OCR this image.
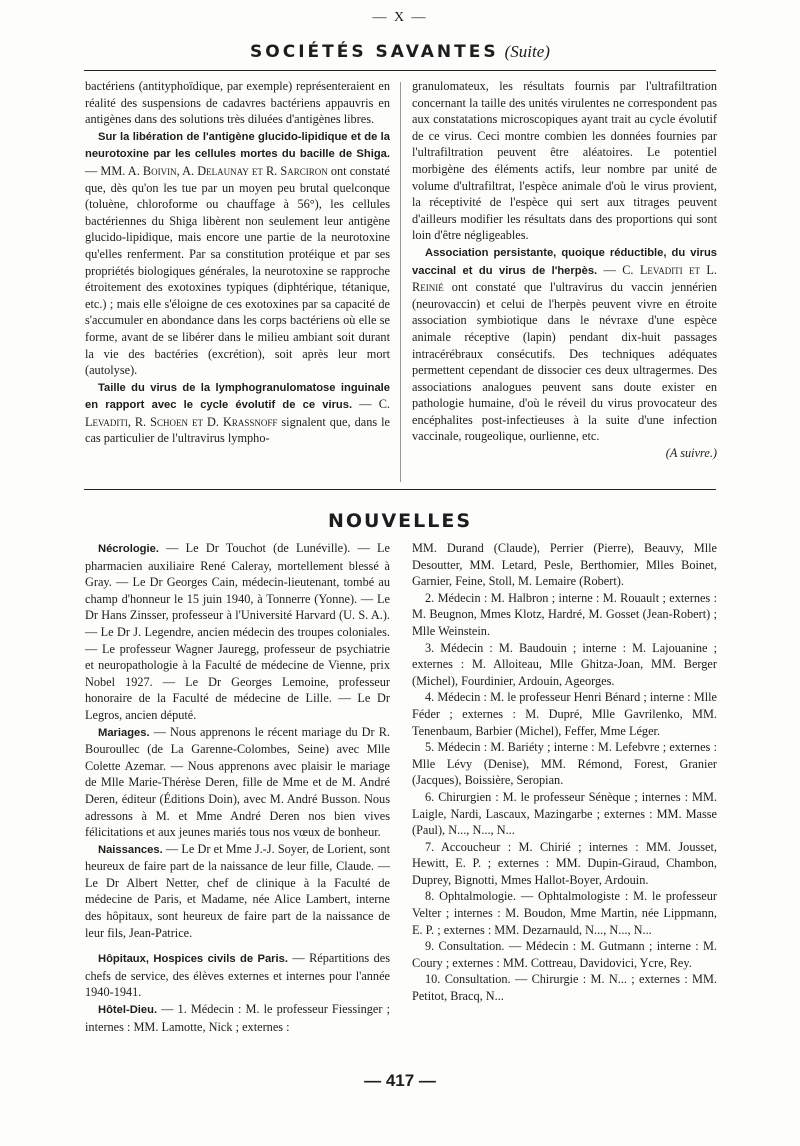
— X —
SOCIÉTÉS SAVANTES (Suite)

bactériens (antityphoïdique, par exemple) représenteraient en réalité des suspensions de cadavres bactériens appauvris en antigènes dans des solutions très diluées d'antigènes libres.

Sur la libération de l'antigène glucido-lipidique et de la neurotoxine par les cellules mortes du bacille de Shiga. — MM. A. Boivin, A. Delaunay et R. Sarciron ont constaté que, dès qu'on les tue par un moyen peu brutal quelconque (toluène, chloroforme ou chauffage à 56°), les cellules bactériennes du Shiga libèrent non seulement leur antigène glucido-lipidique, mais encore une partie de la neurotoxine qu'elles renferment. Par sa constitution protéique et par ses propriétés biologiques générales, la neurotoxine se rapproche étroitement des exotoxines typiques (diphtérique, tétanique, etc.) ; mais elle s'éloigne de ces exotoxines par sa capacité de s'accumuler en abondance dans les corps bactériens où elle se forme, avant de se libérer dans le milieu ambiant soit durant la vie des bactéries (excrétion), soit après leur mort (autolyse).

Taille du virus de la lymphogranulomatose inguinale en rapport avec le cycle évolutif de ce virus. — C. Levaditi, R. Schoen et D. Krassnoff signalent que, dans le cas particulier de l'ultravirus lympho-

granulomateux, les résultats fournis par l'ultrafiltration concernant la taille des unités virulentes ne correspondent pas aux constatations microscopiques ayant trait au cycle évolutif de ce virus. Ceci montre combien les données fournies par l'ultrafiltration peuvent être aléatoires. Le potentiel morbigène des éléments actifs, leur nombre par unité de volume d'ultrafiltrat, l'espèce animale d'où le virus provient, la réceptivité de l'espèce qui sert aux titrages peuvent d'ailleurs modifier les résultats dans des proportions qui sont loin d'être négligeables.

Association persistante, quoique réductible, du virus vaccinal et du virus de l'herpès. — C. Levaditi et L. Reinié ont constaté que l'ultravirus du vaccin jennérien (neurovaccin) et celui de l'herpès peuvent vivre en étroite association symbiotique dans le névraxe d'une espèce animale réceptive (lapin) pendant dix-huit passages intracérébraux consécutifs. Des techniques adéquates permettent cependant de dissocier ces deux ultragermes. Des associations analogues peuvent sans doute exister en pathologie humaine, d'où le réveil du virus provocateur des encéphalites post-infectieuses à la suite d'une infection vaccinale, rougeolique, ourlienne, etc.

(A suivre.)

NOUVELLES

Nécrologie. — Le Dr Touchot (de Lunéville). — Le pharmacien auxiliaire René Caleray, mortellement blessé à Gray. — Le Dr Georges Cain, médecin-lieutenant, tombé au champ d'honneur le 15 juin 1940, à Tonnerre (Yonne). — Le Dr Hans Zinsser, professeur à l'Université Harvard (U. S. A.). — Le Dr J. Legendre, ancien médecin des troupes coloniales. — Le professeur Wagner Jauregg, professeur de psychiatrie et neuropathologie à la Faculté de médecine de Vienne, prix Nobel 1927. — Le Dr Georges Lemoine, professeur honoraire de la Faculté de médecine de Lille. — Le Dr Legros, ancien député.

Mariages. — Nous apprenons le récent mariage du Dr R. Bouroullec (de La Garenne-Colombes, Seine) avec Mlle Colette Azemar. — Nous apprenons avec plaisir le mariage de Mlle Marie-Thérèse Deren, fille de Mme et de M. André Deren, éditeur (Éditions Doin), avec M. André Busson. Nous adressons à M. et Mme André Deren nos bien vives félicitations et aux jeunes mariés tous nos vœux de bonheur.

Naissances. — Le Dr et Mme J.-J. Soyer, de Lorient, sont heureux de faire part de la naissance de leur fille, Claude. — Le Dr Albert Netter, chef de clinique à la Faculté de médecine de Paris, et Madame, née Alice Lambert, interne des hôpitaux, sont heureux de faire part de la naissance de leur fils, Jean-Patrice.

Hôpitaux, Hospices civils de Paris. — Répartitions des chefs de service, des élèves externes et internes pour l'année 1940-1941.

Hôtel-Dieu. — 1. Médecin : M. le professeur Fiessinger ; internes : MM. Lamotte, Nick ; externes :

MM. Durand (Claude), Perrier (Pierre), Beauvy, Mlle Desoutter, MM. Letard, Pesle, Berthomier, Mlles Boinet, Garnier, Feine, Stoll, M. Lemaire (Robert).

2. Médecin : M. Halbron ; interne : M. Rouault ; externes : M. Beugnon, Mmes Klotz, Hardré, M. Gosset (Jean-Robert) ; Mlle Weinstein.

3. Médecin : M. Baudouin ; interne : M. Lajouanine ; externes : M. Alloiteau, Mlle Ghitza-Joan, MM. Berger (Michel), Fourdinier, Ardouin, Ageorges.

4. Médecin : M. le professeur Henri Bénard ; interne : Mlle Féder ; externes : M. Dupré, Mlle Gavrilenko, MM. Tenenbaum, Barbier (Michel), Feffer, Mme Léger.

5. Médecin : M. Bariéty ; interne : M. Lefebvre ; externes : Mlle Lévy (Denise), MM. Rémond, Forest, Granier (Jacques), Boissière, Seropian.

6. Chirurgien : M. le professeur Sénèque ; internes : MM. Laigle, Nardi, Lascaux, Mazingarbe ; externes : MM. Masse (Paul), N..., N..., N...

7. Accoucheur : M. Chirié ; internes : MM. Jousset, Hewitt, E. P. ; externes : MM. Dupin-Giraud, Chambon, Duprey, Bignotti, Mmes Hallot-Boyer, Ardouin.

8. Ophtalmologie. — Ophtalmologiste : M. le professeur Velter ; internes : M. Boudon, Mme Martin, née Lippmann, E. P. ; externes : MM. Dezarnauld, N..., N..., N...

9. Consultation. — Médecin : M. Gutmann ; interne : M. Coury ; externes : MM. Cottreau, Davidovici, Ycre, Rey.

10. Consultation. — Chirurgie : M. N... ; externes : MM. Petitot, Bracq, N...

— 417 —
